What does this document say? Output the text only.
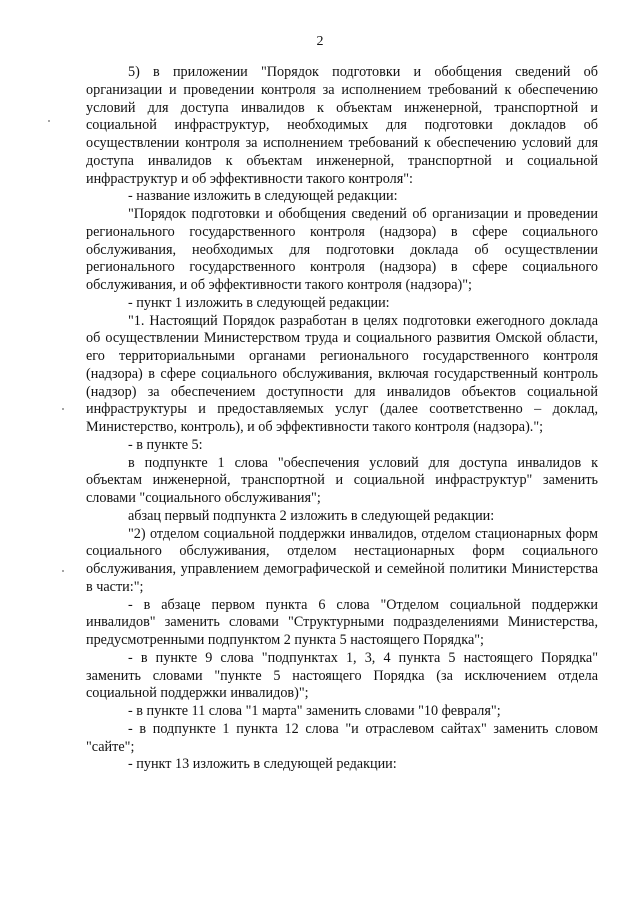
2

5) в приложении "Порядок подготовки и обобщения сведений об организации и проведении контроля за исполнением требований к обеспечению условий для доступа инвалидов к объектам инженерной, транспортной и социальной инфраструктур, необходимых для подготовки докладов об осуществлении контроля за исполнением требований к обеспечению условий для доступа инвалидов к объектам инженерной, транспортной и социальной инфраструктур и об эффективности такого контроля":

- название изложить в следующей редакции:

"Порядок подготовки и обобщения сведений об организации и проведении регионального государственного контроля (надзора) в сфере социального обслуживания, необходимых для подготовки доклада об осуществлении регионального государственного контроля (надзора) в сфере социального обслуживания, и об эффективности такого контроля (надзора)";

- пункт 1 изложить в следующей редакции:

"1. Настоящий Порядок разработан в целях подготовки ежегодного доклада об осуществлении Министерством труда и социального развития Омской области, его территориальными органами регионального государственного контроля (надзора) в сфере социального обслуживания, включая государственный контроль (надзор) за обеспечением доступности для инвалидов объектов социальной инфраструктуры и предоставляемых услуг (далее соответственно – доклад, Министерство, контроль), и об эффективности такого контроля (надзора).";

- в пункте 5:

в подпункте 1 слова "обеспечения условий для доступа инвалидов к объектам инженерной, транспортной и социальной инфраструктур" заменить словами "социального обслуживания";

абзац первый подпункта 2 изложить в следующей редакции:

"2) отделом социальной поддержки инвалидов, отделом стационарных форм социального обслуживания, отделом нестационарных форм социального обслуживания, управлением демографической и семейной политики Министерства в части:";

- в абзаце первом пункта 6 слова "Отделом социальной поддержки инвалидов" заменить словами "Структурными подразделениями Министерства, предусмотренными подпунктом 2 пункта 5 настоящего Порядка";

- в пункте 9 слова "подпунктах 1, 3, 4 пункта 5 настоящего Порядка" заменить словами "пункте 5 настоящего Порядка (за исключением отдела социальной поддержки инвалидов)";

- в пункте 11 слова "1 марта" заменить словами "10 февраля";

- в подпункте 1 пункта 12 слова "и отраслевом сайтах" заменить словом "сайте";

- пункт 13 изложить в следующей редакции:
